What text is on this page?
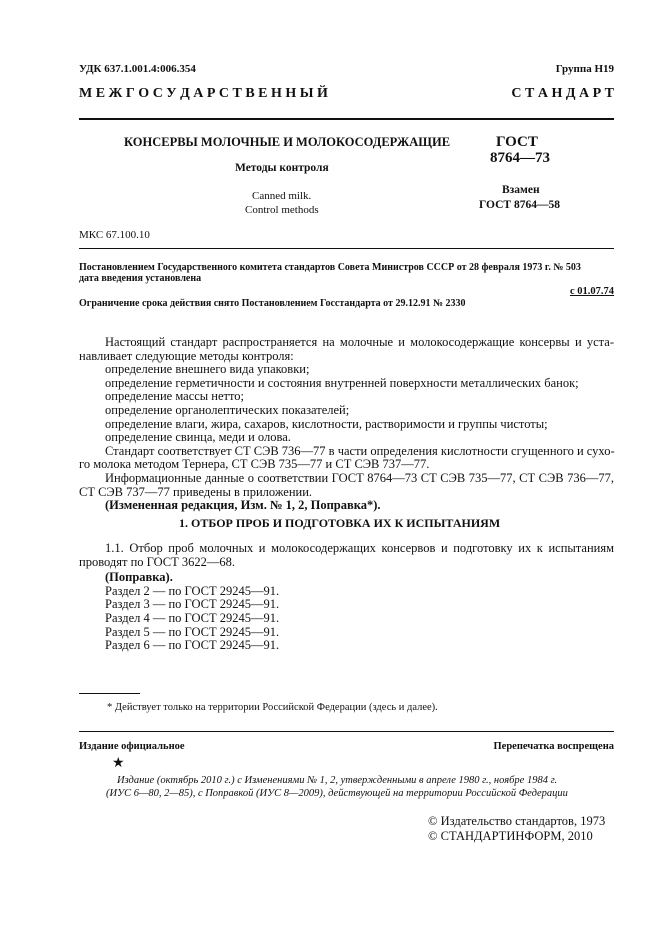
УДК 637.1.001.4:006.354	Группа Н19
М Е Ж Г О С У Д А Р С Т В Е Н Н Ы Й	С Т А Н Д А Р Т
КОНСЕРВЫ МОЛОЧНЫЕ И МОЛОКОСОДЕРЖАЩИЕ
Методы контроля
Canned milk.
Control methods
ГОСТ
8764—73
Взамен
ГОСТ 8764—58
МКС 67.100.10
Постановлением Государственного комитета стандартов Совета Министров СССР от 28 февраля 1973 г. № 503
дата введения установлена
с 01.07.74
Ограничение срока действия снято Постановлением Госстандарта от 29.12.91 № 2330
Настоящий стандарт распространяется на молочные и молокосодержащие консервы и уста-
навливает следующие методы контроля:
определение внешнего вида упаковки;
определение герметичности и состояния внутренней поверхности металлических банок;
определение массы нетто;
определение органолептических показателей;
определение влаги, жира, сахаров, кислотности, растворимости и группы чистоты;
определение свинца, меди и олова.
Стандарт соответствует СТ СЭВ 736—77 в части определения кислотности сгущенного и сухо-
го молока методом Тернера, СТ СЭВ 735—77 и СТ СЭВ 737—77.
Информационные данные о соответствии ГОСТ 8764—73 СТ СЭВ 735—77, СТ СЭВ 736—77,
СТ СЭВ 737—77 приведены в приложении.
(Измененная редакция, Изм. № 1, 2, Поправка*).
1. ОТБОР ПРОБ И ПОДГОТОВКА ИХ К ИСПЫТАНИЯМ
1.1. Отбор проб молочных и молокосодержащих консервов и подготовку их к испытаниям
проводят по ГОСТ 3622—68.
(Поправка).
Раздел 2 — по ГОСТ 29245—91.
Раздел 3 — по ГОСТ 29245—91.
Раздел 4 — по ГОСТ 29245—91.
Раздел 5 — по ГОСТ 29245—91.
Раздел 6 — по ГОСТ 29245—91.
* Действует только на территории Российской Федерации (здесь и далее).
Издание официальное	Перепечатка воспрещена
★
Издание (октябрь 2010 г.) с Изменениями № 1, 2, утвержденными в апреле 1980 г., ноябре 1984 г.
(ИУС 6—80, 2—85), с Поправкой (ИУС 8—2009), действующей на территории Российской Федерации
© Издательство стандартов, 1973
© СТАНДАРТИНФОРМ, 2010
